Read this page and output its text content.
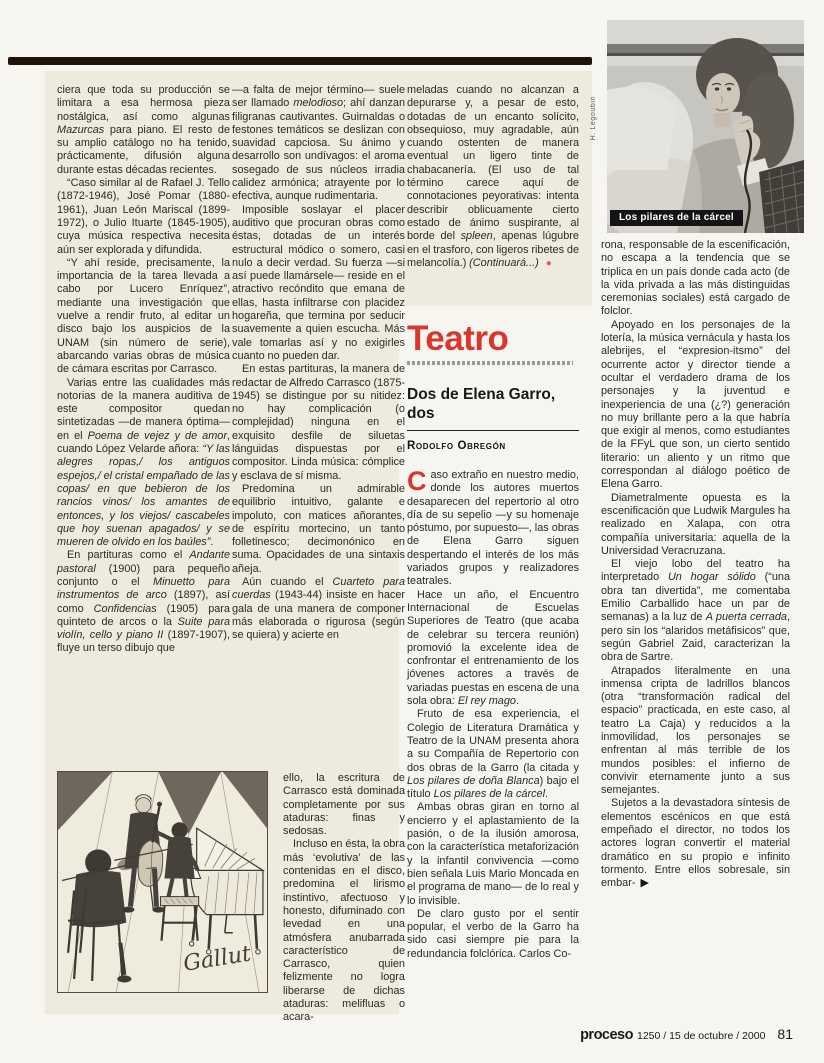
Los pilares de la cárcel
H. Legoubin

ciera que toda su producción se limitara a esa hermosa pieza nostálgica, así como algunas Mazurcas para piano. El resto de su amplio catálogo no ha tenido, prácticamente, difusión alguna durante estas décadas recientes.

“Caso similar al de Rafael J. Tello (1872-1946), José Pomar (1880-1961), Juan León Mariscal (1899-1972), o Julio Ituarte (1845-1905), cuya música respectiva necesita aún ser explorada y difundida.

“Y ahí reside, precisamente, la importancia de la tarea llevada a cabo por Lucero Enríquez”, mediante una investigación que vuelve a rendir fruto, al editar un disco bajo los auspicios de la UNAM (sin número de serie), abarcando varias obras de música de cámara escritas por Carrasco.

Varias entre las cualidades más notorias de la manera auditiva de este compositor quedan sintetizadas —de manera óptima— en el Poema de vejez y de amor, cuando López Velarde añora: “Y las alegres ropas,/ los antiguos espejos,/ el cristal empañado de las copas/ en que bebieron de los rancios vinos/ los amantes de entonces, y los viejos/ cascabeles que hoy suenan apagados/ y se mueren de olvido en los baúles”.

En partituras como el Andante pastoral (1900) para pequeño conjunto o el Minuetto para instrumentos de arco (1897), así como Confidencias (1905) para quinteto de arcos o la Suite para violín, cello y piano II (1897-1907), fluye un terso dibujo que

—a falta de mejor término— suele ser llamado melodioso; ahí danzan filigranas cautivantes. Guirnaldas o festones temáticos se deslizan con suavidad capciosa. Su ánimo y desarrollo son undívagos: el aroma sosegado de sus núcleos irradia calidez armónica; atrayente por lo efectiva, aunque rudimentaria.

Imposible soslayar el placer auditivo que procuran obras como éstas, dotadas de un interés estructural módico o somero, casi nulo a decir verdad. Su fuerza —si así puede llamársele— reside en el atractivo recóndito que emana de ellas, hasta infiltrarse con placidez hogareña, que termina por seducir suavemente a quien escucha. Más vale tomarlas así y no exigirles cuanto no pueden dar.

En estas partituras, la manera de redactar de Alfredo Carrasco (1875-1945) se distingue por su nitidez: no hay complicación (o complejidad) ninguna en el exquisito desfile de siluetas lánguidas dispuestas por el compositor. Linda música: cómplice y esclava de sí misma.

Predomina un admirable equilibrio intuitivo, galante e impoluto, con matices añorantes, de espíritu mortecino, un tanto folletinesco; decimonónico en suma. Opacidades de una sintaxis añeja.

Aún cuando el Cuarteto para cuerdas (1943-44) insiste en hacer gala de una manera de componer más elaborada o rigurosa (según se quiera) y acierte en

ello, la escritura de Carrasco está dominada completamente por sus ataduras: finas y sedosas.

Incluso en ésta, la obra más ‘evolutiva’ de las contenidas en el disco, predomina el lirismo instintivo, afectuoso y honesto, difuminado con levedad en una atmósfera anubarrada característico de Carrasco, quien felizmente no logra liberarse de dichas ataduras: melifluas o acara-

meladas cuando no alcanzan a depurarse y, a pesar de esto, dotadas de un encanto solícito, obsequioso, muy agradable, aún cuando ostenten de manera eventual un ligero tinte de chabacanería. (El uso de tal término carece aquí de connotaciones peyorativas: intenta describir oblicuamente cierto estado de ánimo suspirante, al borde del spleen, apenas lúgubre en el trasforo, con ligeros ribetes de melancolía.) (Continuará...) ●

Teatro
Dos de Elena Garro, dos
Rodolfo Obregón

Caso extraño en nuestro medio, donde los autores muertos desaparecen del repertorio al otro día de su sepelio —y su homenaje póstumo, por supuesto—, las obras de Elena Garro siguen despertando el interés de los más variados grupos y realizadores teatrales.

Hace un año, el Encuentro Internacional de Escuelas Superiores de Teatro (que acaba de celebrar su tercera reunión) promovió la excelente idea de confrontar el entrenamiento de los jóvenes actores a través de variadas puestas en escena de una sola obra: El rey mago.

Fruto de esa experiencia, el Colegio de Literatura Dramática y Teatro de la UNAM presenta ahora a su Compañía de Repertorio con dos obras de la Garro (la citada y Los pilares de doña Blanca) bajo el título Los pilares de la cárcel.

Ambas obras giran en torno al encierro y el aplastamiento de la pasión, o de la ilusión amorosa, con la característica metaforización y la infantil convivencia —como bien señala Luis Mario Moncada en el programa de mano— de lo real y lo invisible.

De claro gusto por el sentir popular, el verbo de la Garro ha sido casi siempre pie para la redundancia folclórica. Carlos Co-

rona, responsable de la escenificación, no escapa a la tendencia que se triplica en un país donde cada acto (de la vida privada a las más distinguidas ceremonias sociales) está cargado de folclor.

Apoyado en los personajes de la lotería, la música vernácula y hasta los alebrijes, el “expresion-itsmo” del ocurrente actor y director tiende a ocultar el verdadero drama de los personajes y la juventud e inexperiencia de una (¿?) generación no muy brillante pero a la que habría que exigir al menos, como estudiantes de la FFyL que son, un cierto sentido literario: un aliento y un ritmo que correspondan al diálogo poético de Elena Garro.

Diametralmente opuesta es la escenificación que Ludwik Margules ha realizado en Xalapa, con otra compañía universitaria: aquella de la Universidad Veracruzana.

El viejo lobo del teatro ha interpretado Un hogar sólido (“una obra tan divertida”, me comentaba Emilio Carballido hace un par de semanas) a la luz de A puerta cerrada, pero sin los “alaridos metáfisicos” que, según Gabriel Zaid, caracterizan la obra de Sartre.

Atrapados literalmente en una inmensa cripta de ladrillos blancos (otra “transformación radical del espacio” practicada, en este caso, al teatro La Caja) y reducidos a la inmovilidad, los personajes se enfrentan al más terrible de los mundos posibles: el infierno de convivir eternamente junto a sus semejantes.

Sujetos a la devastadora síntesis de elementos escénicos en que está empeñado el director, no todos los actores logran convertir el material dramático en su propio e infinito tormento. Entre ellos sobresale, sin embar- ▶

Gallut
proceso 1250 / 15 de octubre / 2000 81
